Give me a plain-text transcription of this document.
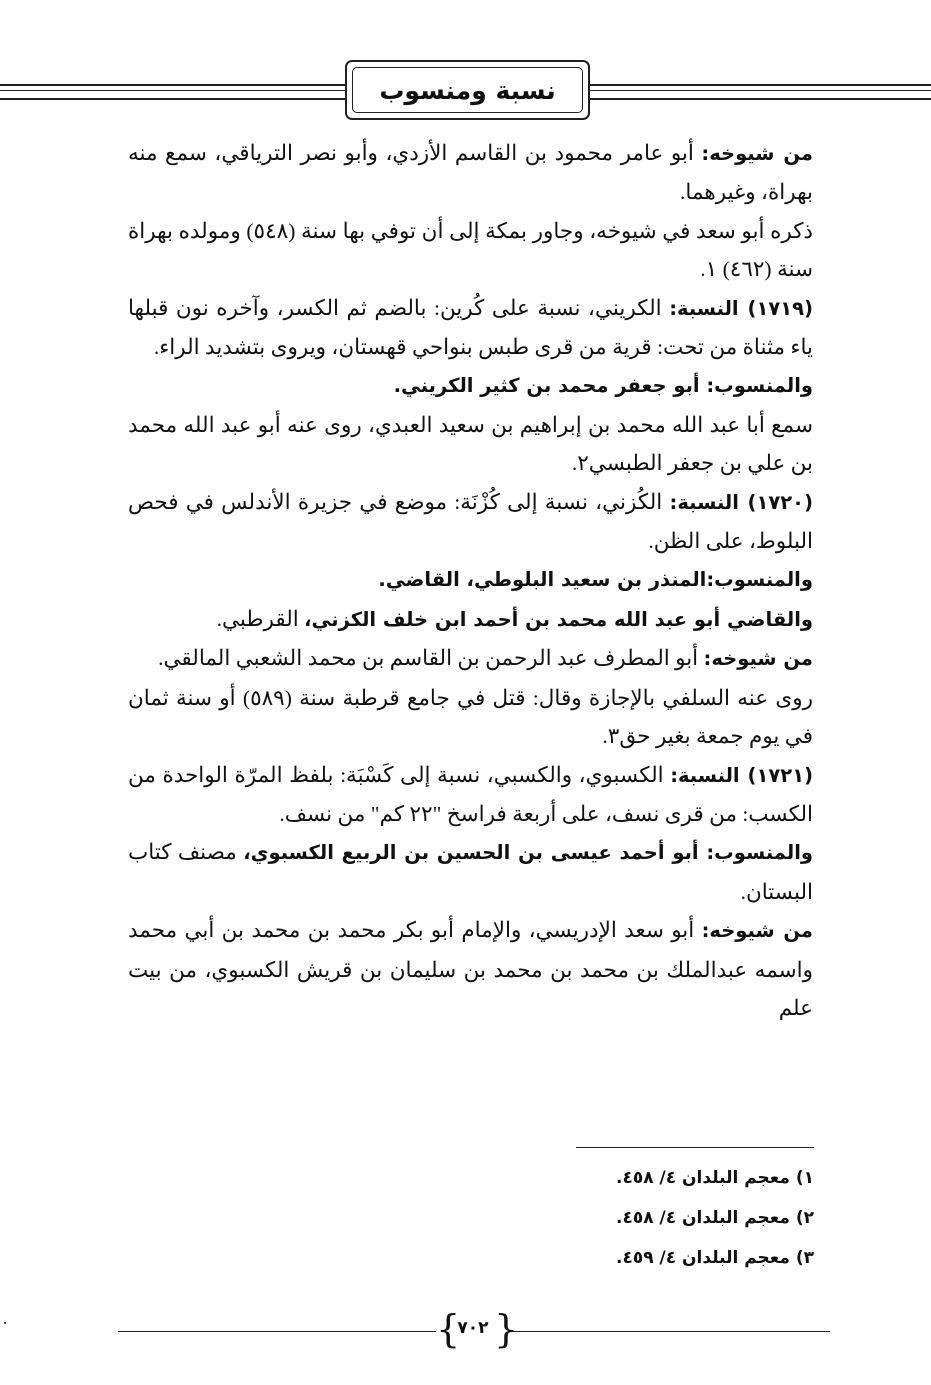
نسبة ومنسوب

من شيوخه: أبو عامر محمود بن القاسم الأزدي، وأبو نصر الترياقي، سمع منه بهراة، وغيرهما.

ذكره أبو سعد في شيوخه، وجاور بمكة إلى أن توفي بها سنة (٥٤٨) ومولده بهراة سنة (٤٦٢) ١.

(١٧١٩) النسبة: الكريني، نسبة على كُرين: بالضم ثم الكسر، وآخره نون قبلها ياء مثناة من تحت: قرية من قرى طبس بنواحي قهستان، ويروى بتشديد الراء.

والمنسوب: أبو جعفر محمد بن كثير الكريني.

سمع أبا عبد الله محمد بن إبراهيم بن سعيد العبدي، روى عنه أبو عبد الله محمد بن علي بن جعفر الطبسي٢.

(١٧٢٠) النسبة: الكُزني، نسبة إلى كُزْنَة: موضع في جزيرة الأندلس في فحص البلوط، على الظن.

والمنسوب:المنذر بن سعيد البلوطي، القاضي.

والقاضي أبو عبد الله محمد بن أحمد ابن خلف الكزني، القرطبي.

من شيوخه: أبو المطرف عبد الرحمن بن القاسم بن محمد الشعبي المالقي.

روى عنه السلفي بالإجازة وقال: قتل في جامع قرطبة سنة (٥٨٩) أو سنة ثمان في يوم جمعة بغير حق٣.

(١٧٢١) النسبة: الكسبوي، والكسبي، نسبة إلى كَسْبَة: بلفظ المرّة الواحدة من الكسب: من قرى نسف، على أربعة فراسخ "٢٢ كم" من نسف.

والمنسوب: أبو أحمد عيسى بن الحسين بن الربيع الكسبوي، مصنف كتاب البستان.

من شيوخه: أبو سعد الإدريسي، والإمام أبو بكر محمد بن محمد بن أبي محمد واسمه عبدالملك بن محمد بن محمد بن سليمان بن قريش الكسبوي، من بيت علم

١) معجم البلدان ٤/ ٤٥٨.

٢) معجم البلدان ٤/ ٤٥٨.

٣) معجم البلدان ٤/ ٤٥٩.

{ }
٧٠٢
